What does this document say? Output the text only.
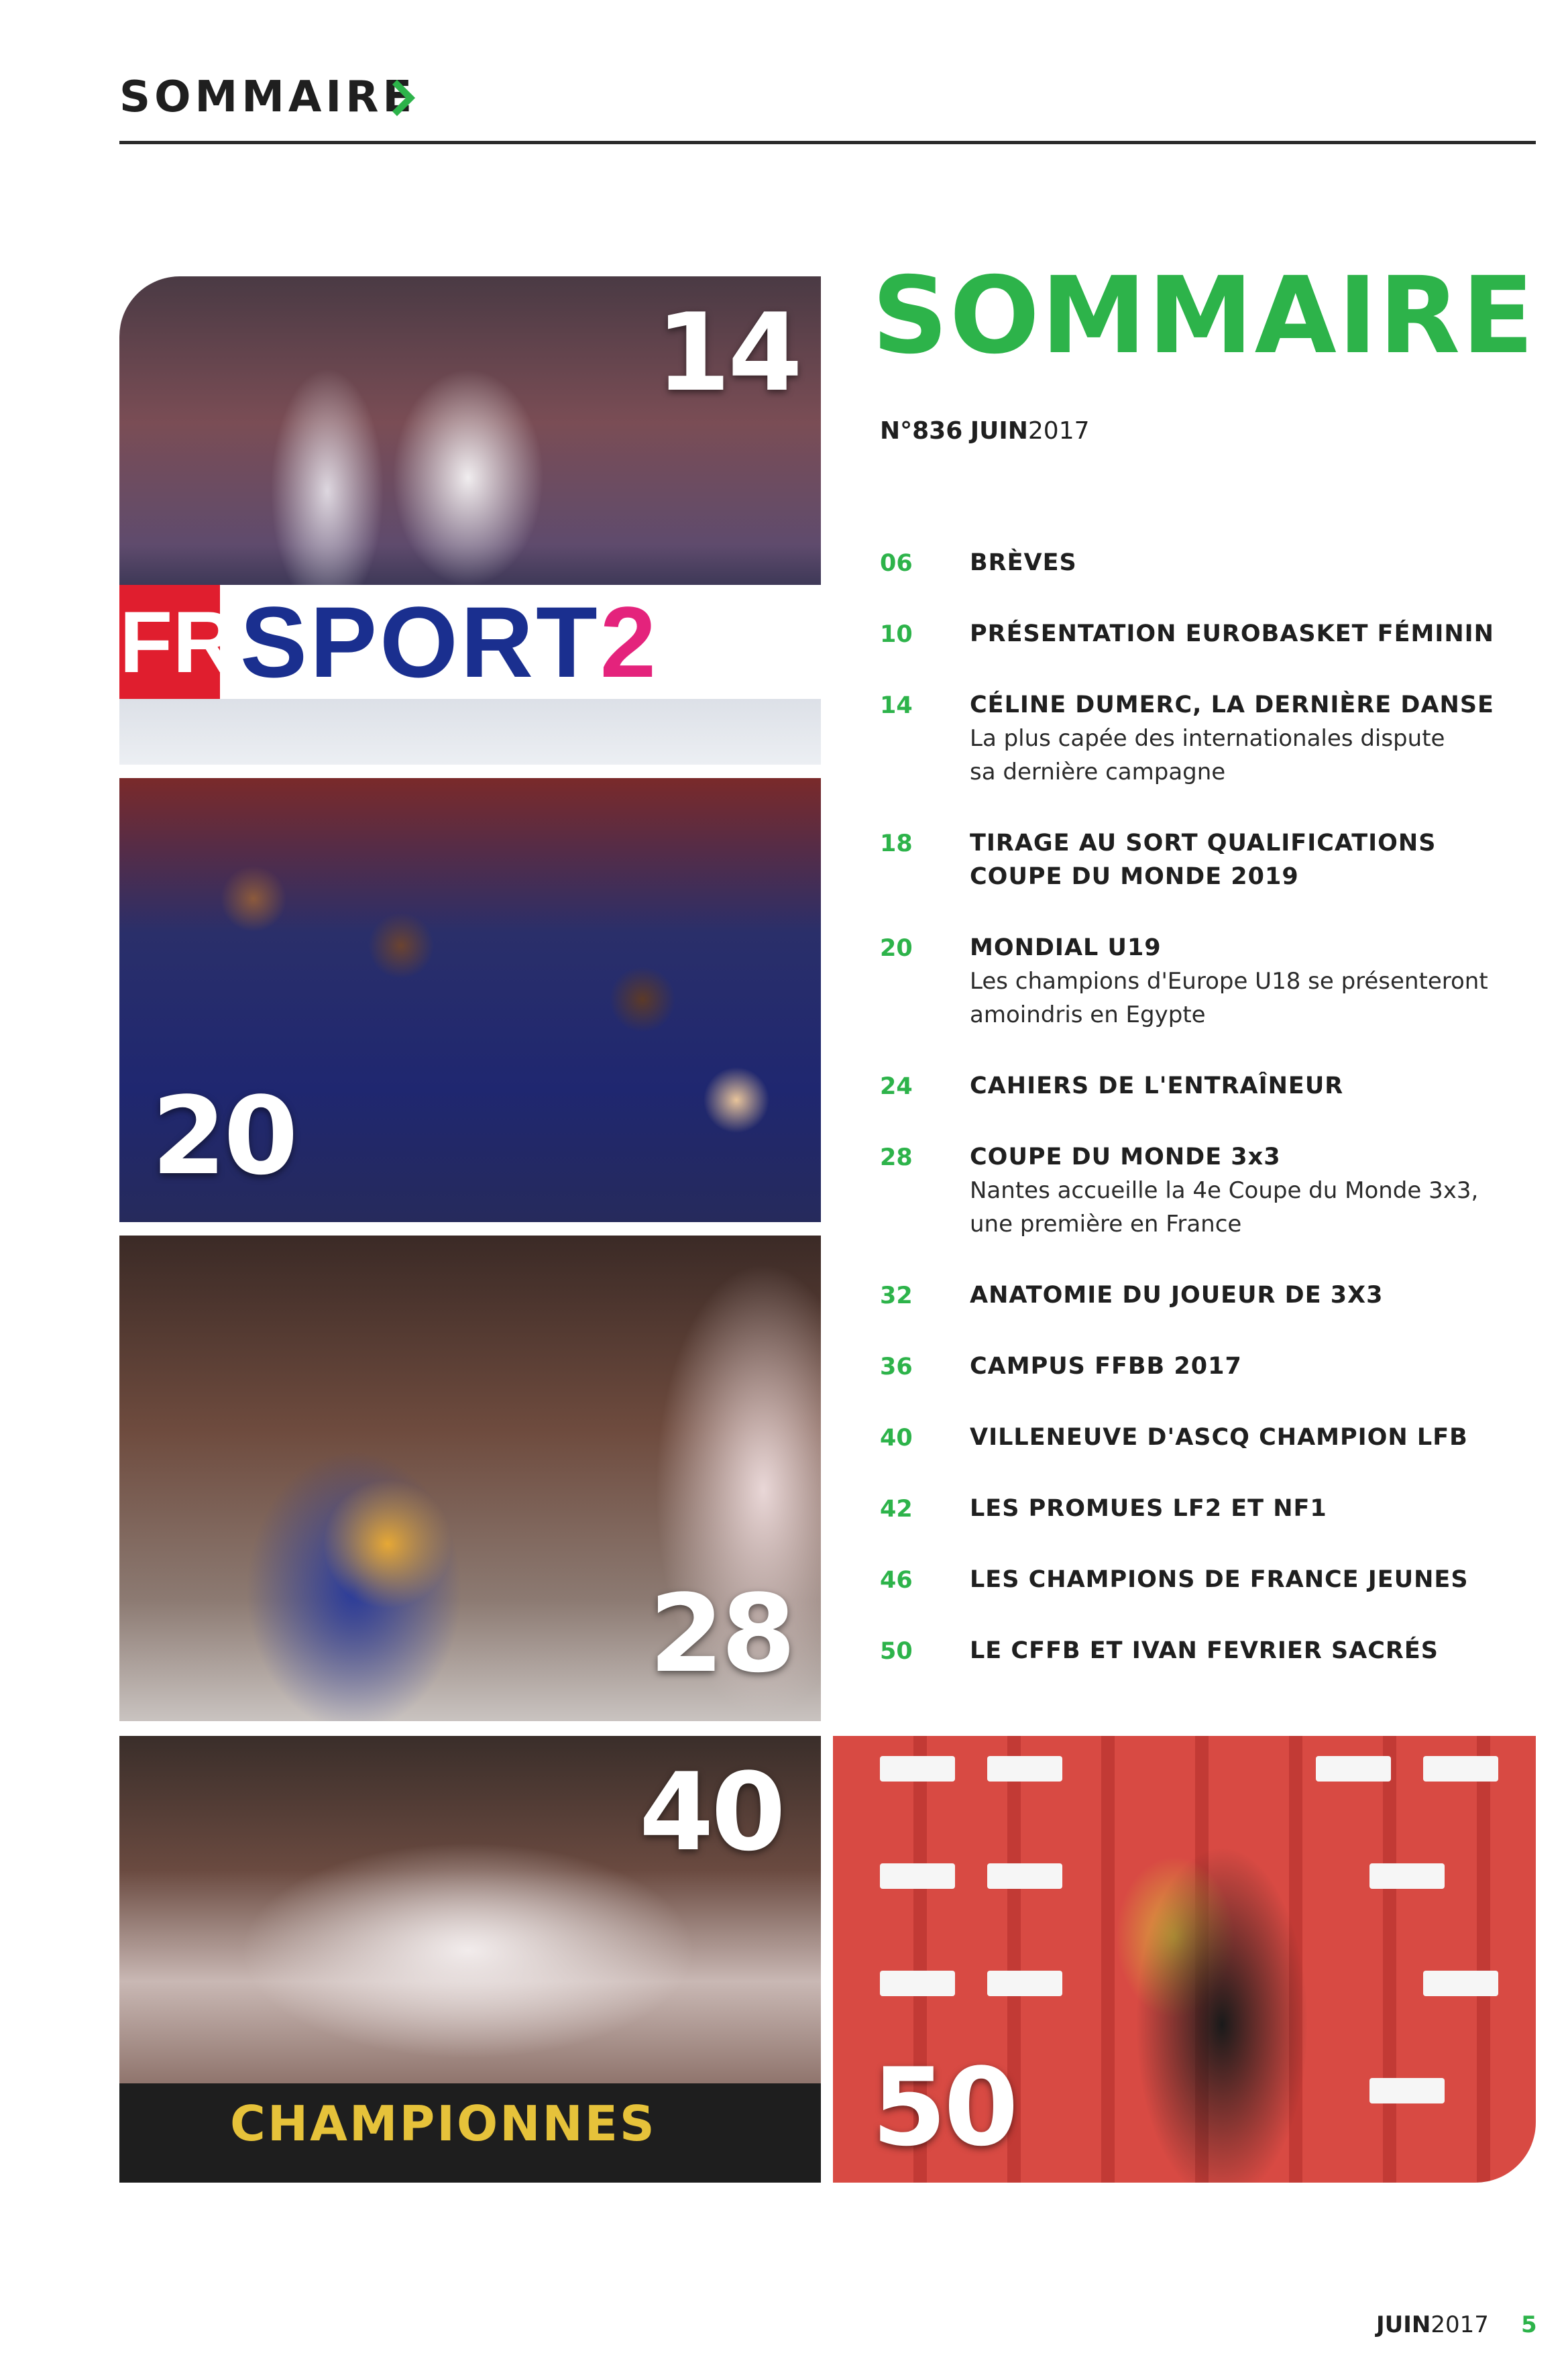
SOMMAIRE
FR SPORT2
14
20
28
CHAMPIONNES
40
50
SOMMAIRE
N°836 JUIN2017
06 BRÈVES
10 PRÉSENTATION EUROBASKET FÉMININ
14 CÉLINE DUMERC, LA DERNIÈRE DANSE
La plus capée des internationales dispute
sa dernière campagne
18 TIRAGE AU SORT QUALIFICATIONS
COUPE DU MONDE 2019
20 MONDIAL U19
Les champions d'Europe U18 se présenteront
amoindris en Egypte
24 CAHIERS DE L'ENTRAÎNEUR
28 COUPE DU MONDE 3x3
Nantes accueille la 4e Coupe du Monde 3x3,
une première en France
32 ANATOMIE DU JOUEUR DE 3X3
36 CAMPUS FFBB 2017
40 VILLENEUVE D'ASCQ CHAMPION LFB
42 LES PROMUES LF2 ET NF1
46 LES CHAMPIONS DE FRANCE JEUNES
50 LE CFFB ET IVAN FEVRIER SACRÉS
JUIN2017 5
